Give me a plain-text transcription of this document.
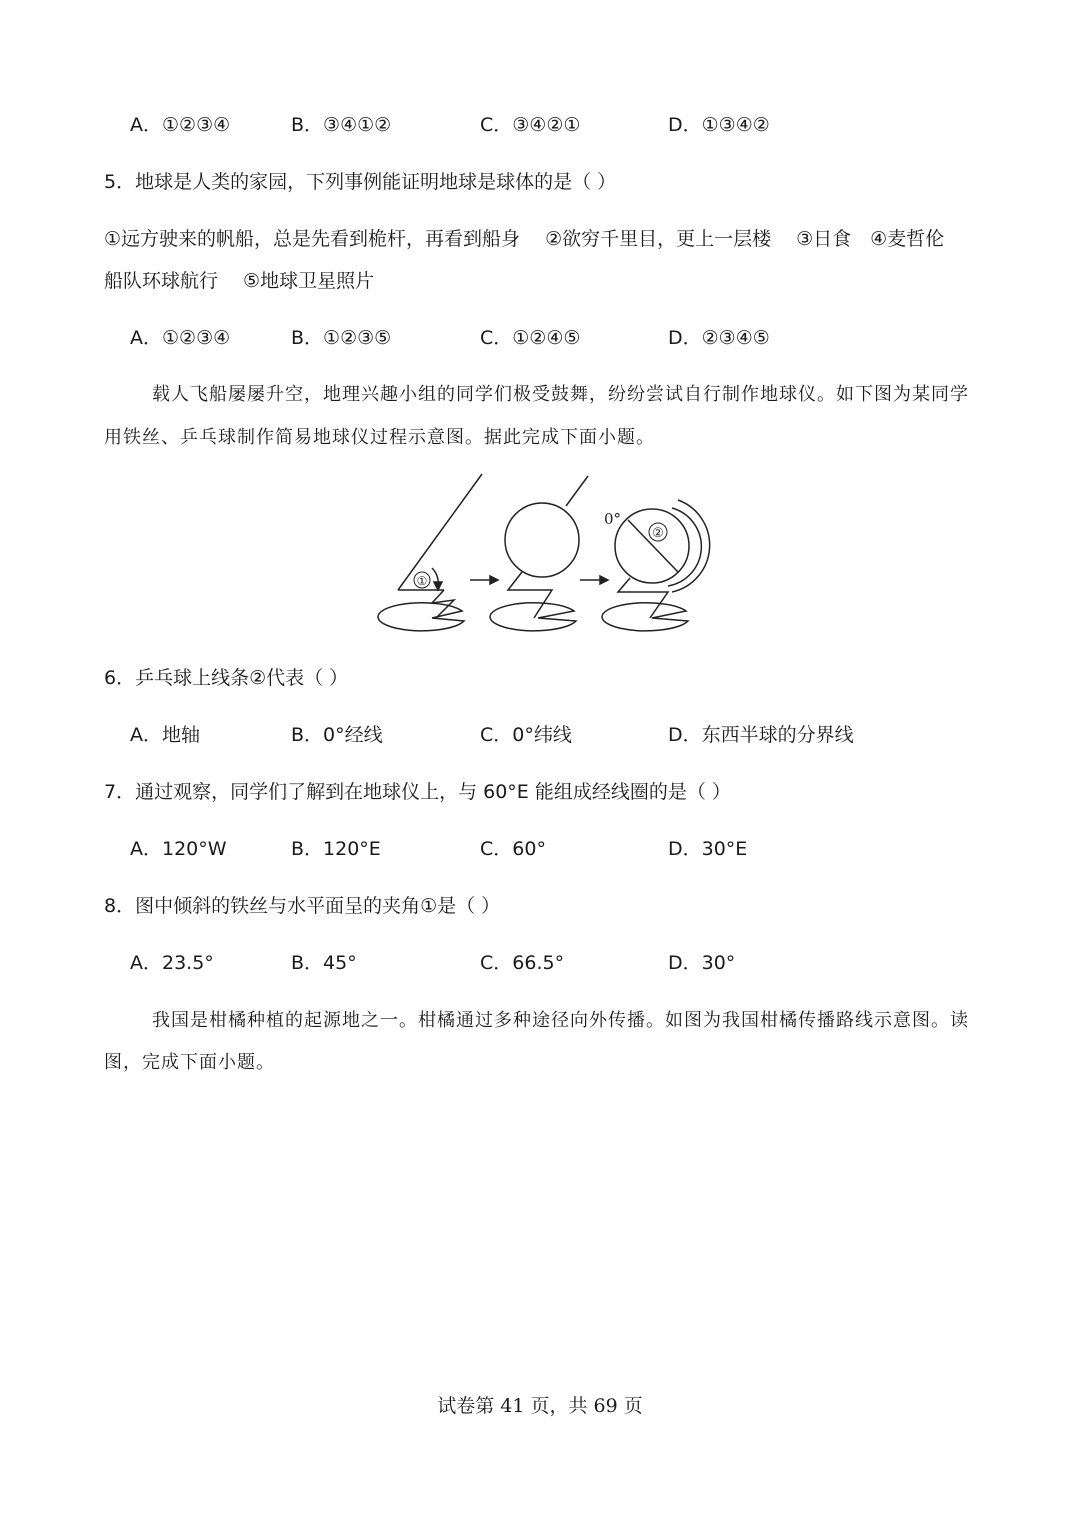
A．①②③④	B．③④①②	C．③④②①	D．①③④②
5．地球是人类的家园，下列事例能证明地球是球体的是（ ）
①远方驶来的帆船，总是先看到桅杆，再看到船身　 ②欲穷千里目，更上一层楼　 ③日食　④麦哲伦
船队环球航行　 ⑤地球卫星照片
A．①②③④	B．①②③⑤	C．①②④⑤	D．②③④⑤
载人飞船屡屡升空，地理兴趣小组的同学们极受鼓舞，纷纷尝试自行制作地球仪。如下图为某同学
用铁丝、乒乓球制作简易地球仪过程示意图。据此完成下面小题。
①
②
0°
6．乒乓球上线条②代表（ ）
A．地轴	B．0°经线	C．0°纬线	D．东西半球的分界线
7．通过观察，同学们了解到在地球仪上，与 60°E 能组成经线圈的是（ ）
A．120°W	B．120°E	C．60°	D．30°E
8．图中倾斜的铁丝与水平面呈的夹角①是（ ）
A．23.5°	B．45°	C．66.5°	D．30°
我国是柑橘种植的起源地之一。柑橘通过多种途径向外传播。如图为我国柑橘传播路线示意图。读
图，完成下面小题。
试卷第 41 页，共 69 页
